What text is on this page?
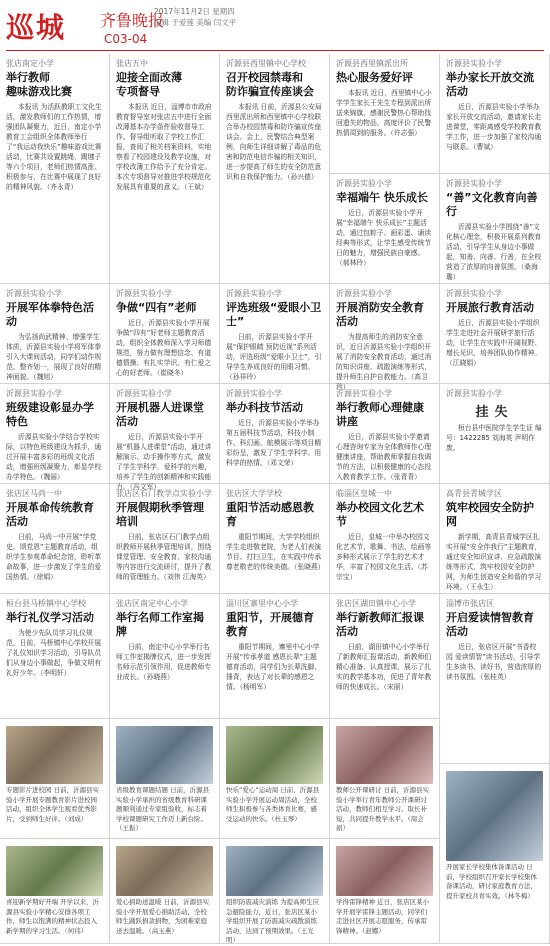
巡城 齐鲁晚报
2017年11月2日 星期四
编辑 于爱莲 美编 闫文平
C03-04
张店南定小学
举行教师
趣味游戏比赛
本报讯 为活跃教职工文化生活，激发教师们的工作热情，增强团队凝聚力，近日，南定小学教育工会组织全体教师举行了“我运动我快乐”趣味游戏比赛活动，比赛共设置跳绳、踢毽子等六个项目，老师们热情高涨、积极参与，在比赛中展现了良好的精神风貌。（齐永青）
张店五中
迎接全面改薄
专项督导
本报讯 近日，淄博市市政府教育督导室对张店五中进行全面改薄基本办学条件验收督导工作。督导组听取了学校工作汇报，查阅了相关档案资料，实地察看了校园建设及教学设施，对学校改薄工作给予了充分肯定。本次专项督导对推进学校规范化发展具有重要的意义。（王斌）
沂源县西里镇中心学校
召开校园禁毒和
防诈骗宣传座谈会
本报讯 日前，沂源县公安局西里派出所和西里镇中心学校联合举办校园禁毒和防诈骗宣传座谈会。会上，民警结合典型案例，向师生详细讲解了毒品的危害和防范电信诈骗的相关知识，进一步提高了师生的安全防范意识和自我保护能力。（孙兴德）
沂源县西里镇派出所
热心服务爱好评
本报讯 近日，西里镇中心小学学生家长王先生专程到派出所送来锦旗，感谢民警热心帮助找回遗失的物品，高度评价了民警热情周到的服务。（许志强）
沂源县实验小学
幸福端午 快乐成长
近日，沂源县实验小学开展“幸福端午 快乐成长”主题活动，通过包粽子、画彩蛋、诵读经典等形式，让学生感受传统节日的魅力，增强民族自豪感。（郝林玲）
沂源县实验小学
举办家长开放交流活动
近日，沂源县实验小学举办家长开放交流活动，邀请家长走进课堂，零距离感受学校教育教学工作，进一步加强了家校沟通与联系。（曹斌）
沂源县实验小学
“善”文化教育向善行
沂源县实验小学围绕“善”文化核心理念，积极开展系列教育活动，引导学生从身边小事做起，知善、向善、行善，在全校营造了浓厚的向善氛围。（桑海璐）
沂源县实验小学
开展军体拳特色活动
为弘扬尚武精神、增强学生体质，沂源县实验小学将军体拳引入大课间活动，同学们动作规范、整齐划一，展现了良好的精神面貌。（魏旭）
沂源县实验小学
争做“四有”老师
近日，沂源县实验小学开展争做“四有”好老师主题教育活动，组织全体教师深入学习师德规范，努力做有理想信念、有道德情操、有扎实学识、有仁爱之心的好老师。（崔晓冬）
沂源县实验小学
评选班级“爱眼小卫士”
日前，沂源县实验小学开展“保护眼睛 预防近视”系列活动，评选班级“爱眼小卫士”，引导学生养成良好的用眼习惯。（孙祥玲）
沂源县实验小学
开展消防安全教育活动
为提高师生的消防安全意识，近日沂源县实验小学组织开展了消防安全教育活动，通过消防知识讲座、疏散演练等形式，提升师生自护自救能力。（高卫珍）
沂源县实验小学
开展旅行教育活动
近日，沂源县实验小学组织学生走进社会开展研学旅行活动，让学生在实践中开阔视野、增长见识，培养团队协作精神。（江晓娟）
沂源县实验小学
班级建设彰显办学特色
沂源县实验小学结合学校实际，以特色班级建设为抓手，通过开展丰富多彩的班级文化活动，增强班级凝聚力，彰显学校办学特色。（魏丽）
沂源县实验小学
开展机器人进课堂活动
近日，沂源县实验小学开展“机器人进课堂”活动，通过讲解演示、动手操作等方式，激发了学生学科学、爱科学的兴趣，培养了学生的创新精神和实践能力。（冯文军）
沂源县实验小学
举办科技节活动
近日，沂源县实验小学举办第五届科技节活动，科技小制作、科幻画、航模展示等项目精彩纷呈，激发了学生学科学、用科学的热情。（邓文荣）
沂源县实验小学
举行教师心理健康讲座
近日，沂源县实验小学邀请心理咨询专家为全体教师作心理健康讲座，帮助教师掌握自我调节的方法，以积极健康的心态投入教育教学工作。（张青青）
沂源县实验小学
挂失
桓台县中医院学生学生证 编号：1422285 刘海英 声明作废。
张店区马尚一中
开展革命传统教育活动
日前，马尚一中开展“学党史、颂党恩”主题教育活动，组织学生参观革命纪念馆，聆听革命故事，进一步激发了学生的爱国热情。（徐娟）
张店区石门教学点实验小学
开展假期秋季管理培训
日前，张店区石门教学点组织教师开展秋季管理培训，围绕课堂管理、安全教育、家校沟通等内容进行交流研讨，提升了教师的管理能力。（刘伟 江海英）
张店区大学学校
重阳节活动感恩教育
重阳节期间，大学学校组织学生走进敬老院，为老人们表演节目、打扫卫生，在实践中传承尊老敬老的传统美德。（张晓燕）
临淄区皇城一中
举办校园文化艺术节
近日，皇城一中举办校园文化艺术节，歌舞、书法、绘画等多种形式展示了学生的艺术才华，丰富了校园文化生活。（苏宗宝）
高青县青城学区
筑牢校园安全防护网
新学期，高青县青城学区扎实开展“安全伴我行”主题教育，通过安全知识宣讲、应急疏散演练等形式，筑牢校园安全防护网，为师生创造安全和谐的学习环境。（王永生）
桓台县马桥镇中心学校
举行礼仪学习活动
为使少先队员学习礼仪规范，日前，马桥镇中心学校开展了礼仪知识学习活动，引导队员们从身边小事做起，争做文明有礼好少年。（李明轩）
张店区南定中心小学
举行名师工作室揭牌
日前，南定中心小学举行名师工作室揭牌仪式，进一步发挥名师示范引领作用，促进教师专业成长。（孙晓燕）
淄川区寨里中心小学
重阳节，开展德育教育
重阳节期间，寨里中心小学开展“传承孝道 感恩长辈”主题德育活动，同学们为长辈洗脚、捶背，表达了对长辈的感恩之情。（杨明军）
张店区湖田镇中心小学
举行新教师汇报课活动
日前，湖田镇中心小学举行了新教师汇报课活动，新教师们精心准备、认真授课，展示了扎实的教学基本功，促进了青年教师的快速成长。（宋丽）
淄博市张店区
开启爱读情智教育活动
近日，张店区开展“书香校园 爱读情智”读书活动，引导学生多读书、读好书，营造浓厚的读书氛围。（张桂英）
专题影片进校园 日前，沂源县实验小学开展专题教育影片进校园活动，组织全体学生观看优秀影片，受到师生好评。（刘成）
省级教育课题结题 日前，沂源县实验小学承担的省级教育科研课题顺利通过专家组验收，标志着学校课题研究工作迈上新台阶。（王振）
快乐“爱心”运动周 日前，沂源县实验小学开展运动周活动，全校师生积极参与各类体育比赛，感受运动的快乐。（杜玉琴）
教师公开课研讨 日前，沂源县实验小学举行青年教师公开课研讨活动，教师们相互学习、取长补短，共同提升教学水平。（周会娟）
喜迎新学期好开端 开学以来，沂源县实验小学精心安排各项工作，师生以饱满的精神状态投入新学期的学习生活。（何伟）
爱心捐助送温暖 日前，沂源县实验小学开展爱心捐助活动，全校师生踊跃捐款捐物，为困难家庭送去温暖。（高玉燕）
组织防震减灾演练 为提高师生应急避险能力，近日，张店区某小学组织开展了防震减灾疏散演练活动，达到了预期效果。（王光明）
学得雷锋精神 近日，张店区某小学开展学雷锋主题活动，同学们走进社区开展志愿服务，传承雷锋精神。（赵娜）
开展家长学校集体备课活动 日前，学校组织召开家长学校集体备课活动，研讨家庭教育方法，提升家校共育实效。（林冬梅）
